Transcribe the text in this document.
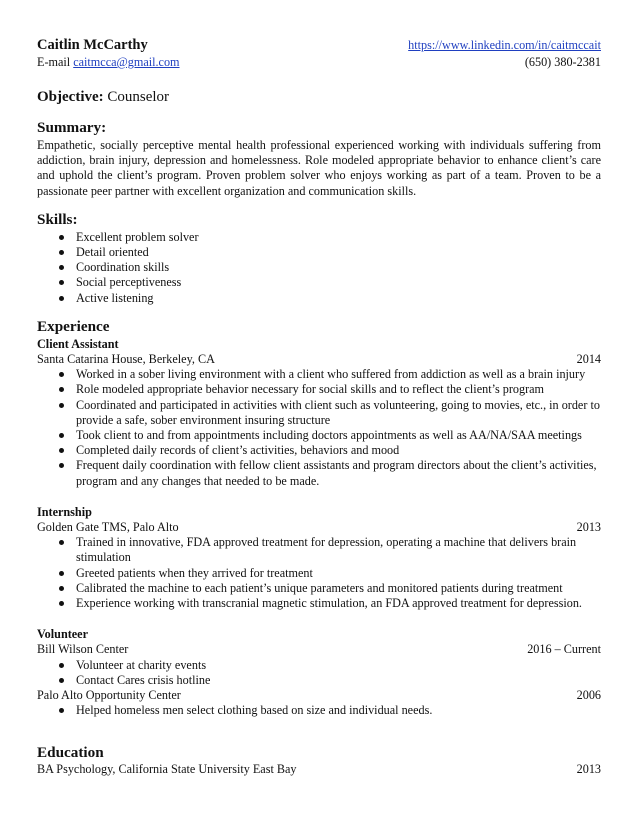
Caitlin McCarthy	https://www.linkedin.com/in/caitmccait
E-mail caitmcca@gmail.com	(650) 380-2381
Objective: Counselor
Summary:
Empathetic, socially perceptive mental health professional experienced working with individuals suffering from addiction, brain injury, depression and homelessness. Role modeled appropriate behavior to enhance client’s care and uphold the client’s program. Proven problem solver who enjoys working as part of a team. Proven to be a passionate peer partner with excellent organization and communication skills.
Skills:
Excellent problem solver
Detail oriented
Coordination skills
Social perceptiveness
Active listening
Experience
Client Assistant
Santa Catarina House, Berkeley, CA	2014
Worked in a sober living environment with a client who suffered from addiction as well as a brain injury
Role modeled appropriate behavior necessary for social skills and to reflect the client’s program
Coordinated and participated in activities with client such as volunteering, going to movies, etc., in order to provide a safe, sober environment insuring structure
Took client to and from appointments including doctors appointments as well as AA/NA/SAA meetings
Completed daily records of client’s activities, behaviors and mood
Frequent daily coordination with fellow client assistants and program directors about the client’s activities, program and any changes that needed to be made.
Internship
Golden Gate TMS, Palo Alto	2013
Trained in innovative, FDA approved treatment for depression, operating a machine that delivers brain stimulation
Greeted patients when they arrived for treatment
Calibrated the machine to each patient’s unique parameters and monitored patients during treatment
Experience working with transcranial magnetic stimulation, an FDA approved treatment for depression.
Volunteer
Bill Wilson Center	2016 – Current
Volunteer at charity events
Contact Cares crisis hotline
Palo Alto Opportunity Center	2006
Helped homeless men select clothing based on size and individual needs.
Education
BA Psychology, California State University East Bay	2013
